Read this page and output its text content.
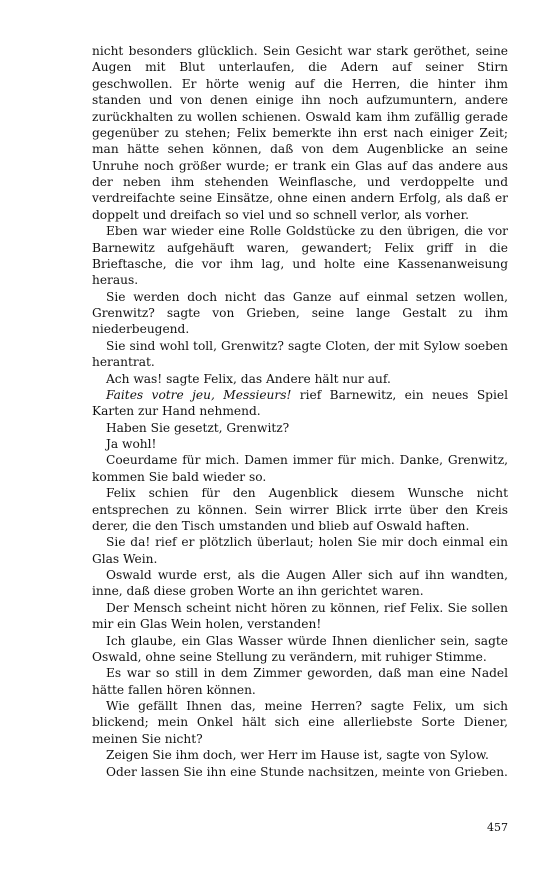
nicht besonders glücklich. Sein Gesicht war stark geröthet, seine Augen mit Blut unterlaufen, die Adern auf seiner Stirn geschwollen. Er hörte wenig auf die Herren, die hinter ihm standen und von denen einige ihn noch aufzumuntern, andere zurückhalten zu wollen schienen. Oswald kam ihm zufällig gerade gegenüber zu stehen; Felix bemerkte ihn erst nach einiger Zeit; man hätte sehen können, daß von dem Augenblicke an seine Unruhe noch größer wurde; er trank ein Glas auf das andere aus der neben ihm stehenden Weinflasche, und verdoppelte und verdreifachte seine Einsätze, ohne einen andern Erfolg, als daß er doppelt und dreifach so viel und so schnell verlor, als vorher.

Eben war wieder eine Rolle Goldstücke zu den übrigen, die vor Barnewitz aufgehäuft waren, gewandert; Felix griff in die Brieftasche, die vor ihm lag, und holte eine Kassenanweisung heraus.

Sie werden doch nicht das Ganze auf einmal setzen wollen, Grenwitz? sagte von Grieben, seine lange Gestalt zu ihm niederbeugend.

Sie sind wohl toll, Grenwitz? sagte Cloten, der mit Sylow soeben herantrat.

Ach was! sagte Felix, das Andere hält nur auf.

Faites votre jeu, Messieurs! rief Barnewitz, ein neues Spiel Karten zur Hand nehmend.

Haben Sie gesetzt, Grenwitz?

Ja wohl!

Coeurdame für mich. Damen immer für mich. Danke, Grenwitz, kommen Sie bald wieder so.

Felix schien für den Augenblick diesem Wunsche nicht entsprechen zu können. Sein wirrer Blick irrte über den Kreis derer, die den Tisch umstanden und blieb auf Oswald haften.

Sie da! rief er plötzlich überlaut; holen Sie mir doch einmal ein Glas Wein.

Oswald wurde erst, als die Augen Aller sich auf ihn wandten, inne, daß diese groben Worte an ihn gerichtet waren.

Der Mensch scheint nicht hören zu können, rief Felix. Sie sollen mir ein Glas Wein holen, verstanden!

Ich glaube, ein Glas Wasser würde Ihnen dienlicher sein, sagte Oswald, ohne seine Stellung zu verändern, mit ruhiger Stimme.

Es war so still in dem Zimmer geworden, daß man eine Nadel hätte fallen hören können.

Wie gefällt Ihnen das, meine Herren? sagte Felix, um sich blickend; mein Onkel hält sich eine allerliebste Sorte Diener, meinen Sie nicht?

Zeigen Sie ihm doch, wer Herr im Hause ist, sagte von Sylow.

Oder lassen Sie ihn eine Stunde nachsitzen, meinte von Grieben.

457
